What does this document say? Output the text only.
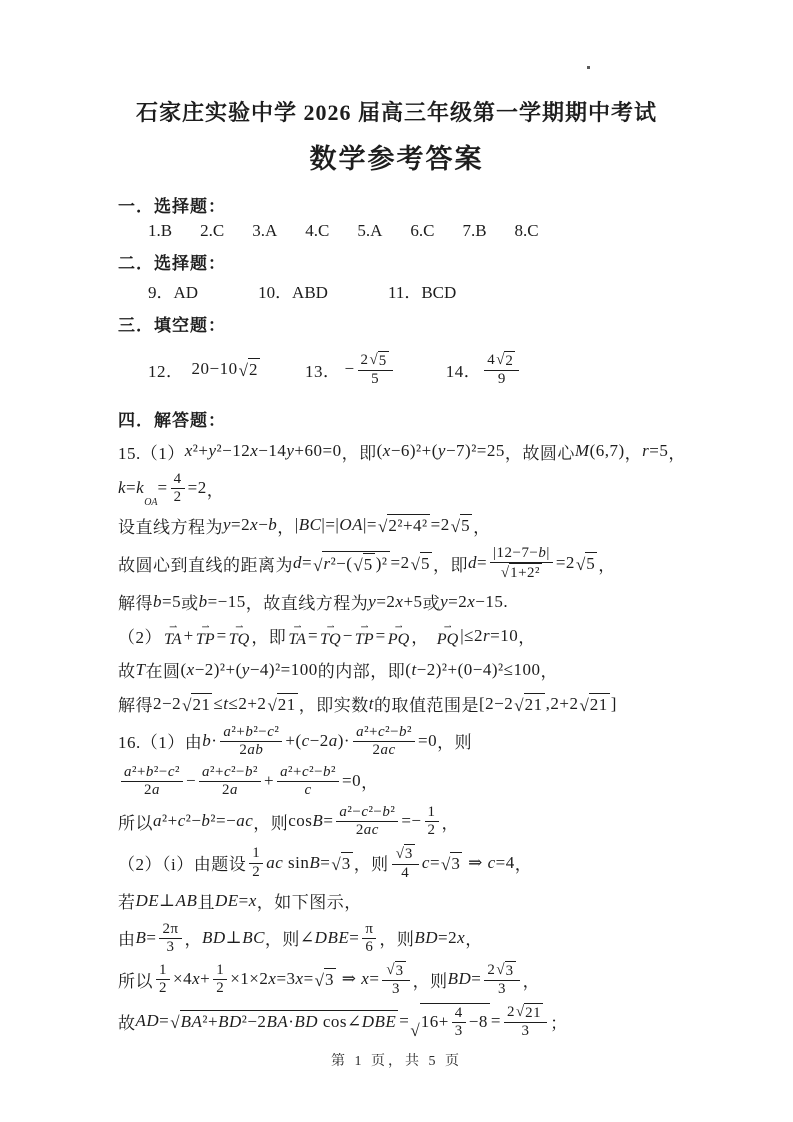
石家庄实验中学 2026 届高三年级第一学期期中考试
数学参考答案
一．选择题：
1.B 2.C 3.A 4.C 5.A 6.C 7.B 8.C
二．选择题：
9．AD	10．ABD	11．BCD
三．填空题：
12． 20−10 √ 2	13． − $\frac{2 √ 5}{5}$	14． $\frac{4 √ 2}{9}$
四．解答题：
15.（1） x ²+ y ²−12 x −14 y +60=0 ，即 ( x −6)²+( y −7)²=25 ，故圆心 M (6,7) ， r =5 ，
k = k
OA
= $\frac{4}{2} =2$ ，
设直线方程为 y =2 x − b ， | BC |=| OA |= √ 2²+4² =2 √ 5 ，
故圆心到直线的距离为 d = √ r ²−( √ 5 )² =2 √ 5 ，即 $d = \frac{|12-7- b |}{\text{√ 1+2²}} =2$ √ 5 ，
解得 b =5 或 b =−15 ，故直线方程为 y =2 x +5 或 y =2 x −15 .
（2）
⇀
TA + ⇀
TP = ⇀
TQ ，即
⇀
TA = ⇀
TQ − ⇀
TP = ⇀
PQ ，
⇀
PQ |≤2 r =10 ，
故 T 在圆 ( x −2)²+( y −4)²=100 的内部，即 ( t −2)²+(0−4)²≤100 ，
解得 2−2 √ 21 ≤ t ≤2+2 √ 21 ，即实数 t 的取值范围是 [2−2 √ 21 ,2+2 √ 21 ]
16.（1）由 $b \cdot \frac{\text{a ²+ b ²− c ²}}{2 ab}$ +( c −2 a )· $\frac{\text{a ²+ c ²− b ²}}{2 ac} =0$ ，则
$\frac{\text{a ²+ b ²− c ²}}{2 a} - \frac{\text{a ²+ c ²− b ²}}{2 a} + \frac{\text{a ²+ c ²− b ²}}{c} =0$ ，
所以 a ²+ c ²− b ²=− ac ，则 $\cos B = \frac{\text{a ²− c ²− b ²}}{2 ac} =- \frac{1}{2}$ ，
（2）（i）由题设 $\frac{1}{2}$ ac sin B = √ 3 ，则 $\frac{√ 3}{4}$ c = √ 3 ⇒ c =4 ，
若 DE ⊥ AB 且 DE = x ，如下图示，
由 $B = \frac{2\pi}{3}$ ， BD ⊥ BC ，则 ∠ DBE = $\frac{\pi}{6}$ ，则 BD =2 x ，
所以 $\frac{1}{2} \times 4$ $x + \frac{1}{2} \times 1\times 2$ x =3 x = √ 3 ⇒ $x = \frac{√ 3}{3}$ ，则 BD = $\frac{2 √ 3}{3}$ ，
故 AD = √ BA ²+ BD ²−2 BA · BD cos∠ DBE = √ $16+ \frac{4}{3} -8 = \frac{2 √ 21}{3}$ ；
第 1 页，共 5 页
